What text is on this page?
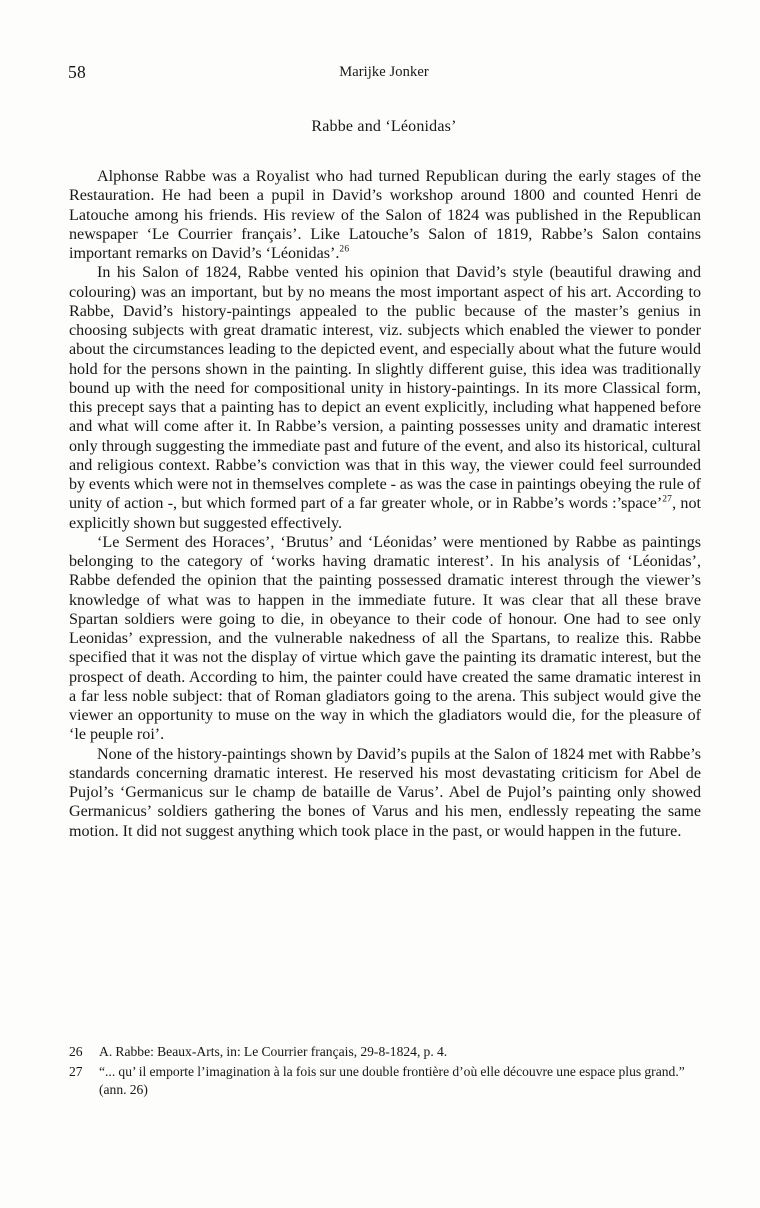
58	Marijke Jonker
Rabbe and ‘Léonidas’

Alphonse Rabbe was a Royalist who had turned Republican during the early stages of the Restauration. He had been a pupil in David’s workshop around 1800 and counted Henri de Latouche among his friends. His review of the Salon of 1824 was published in the Republican newspaper ‘Le Courrier français’. Like Latouche’s Salon of 1819, Rabbe’s Salon contains important remarks on David’s ‘Léonidas’.$^{26}$

In his Salon of 1824, Rabbe vented his opinion that David’s style (beautiful drawing and colouring) was an important, but by no means the most important aspect of his art. According to Rabbe, David’s history-paintings appealed to the public because of the master’s genius in choosing subjects with great dramatic interest, viz. subjects which enabled the viewer to ponder about the circumstances leading to the depicted event, and especially about what the future would hold for the persons shown in the painting. In slightly different guise, this idea was traditionally bound up with the need for compositional unity in history-paintings. In its more Classical form, this precept says that a painting has to depict an event explicitly, including what happened before and what will come after it. In Rabbe’s version, a painting possesses unity and dramatic interest only through suggesting the immediate past and future of the event, and also its historical, cultural and religious context. Rabbe’s conviction was that in this way, the viewer could feel surrounded by events which were not in themselves complete - as was the case in paintings obeying the rule of unity of action -, but which formed part of a far greater whole, or in Rabbe’s words :’space’$^{27}$, not explicitly shown but suggested effectively.

‘Le Serment des Horaces’, ‘Brutus’ and ‘Léonidas’ were mentioned by Rabbe as paintings belonging to the category of ‘works having dramatic interest’. In his analysis of ‘Léonidas’, Rabbe defended the opinion that the painting possessed dramatic interest through the viewer’s knowledge of what was to happen in the immediate future. It was clear that all these brave Spartan soldiers were going to die, in obeyance to their code of honour. One had to see only Leonidas’ expression, and the vulnerable nakedness of all the Spartans, to realize this. Rabbe specified that it was not the display of virtue which gave the painting its dramatic interest, but the prospect of death. According to him, the painter could have created the same dramatic interest in a far less noble subject: that of Roman gladiators going to the arena. This subject would give the viewer an opportunity to muse on the way in which the gladiators would die, for the pleasure of ‘le peuple roi’.

None of the history-paintings shown by David’s pupils at the Salon of 1824 met with Rabbe’s standards concerning dramatic interest. He reserved his most devastating criticism for Abel de Pujol’s ‘Germanicus sur le champ de bataille de Varus’. Abel de Pujol’s painting only showed Germanicus’ soldiers gathering the bones of Varus and his men, endlessly repeating the same motion. It did not suggest anything which took place in the past, or would happen in the future.

26	A. Rabbe: Beaux-Arts, in: Le Courrier français, 29-8-1824, p. 4.
27	“... qu’ il emporte l’imagination à la fois sur une double frontière d’où elle découvre une espace plus grand.” (ann. 26)
